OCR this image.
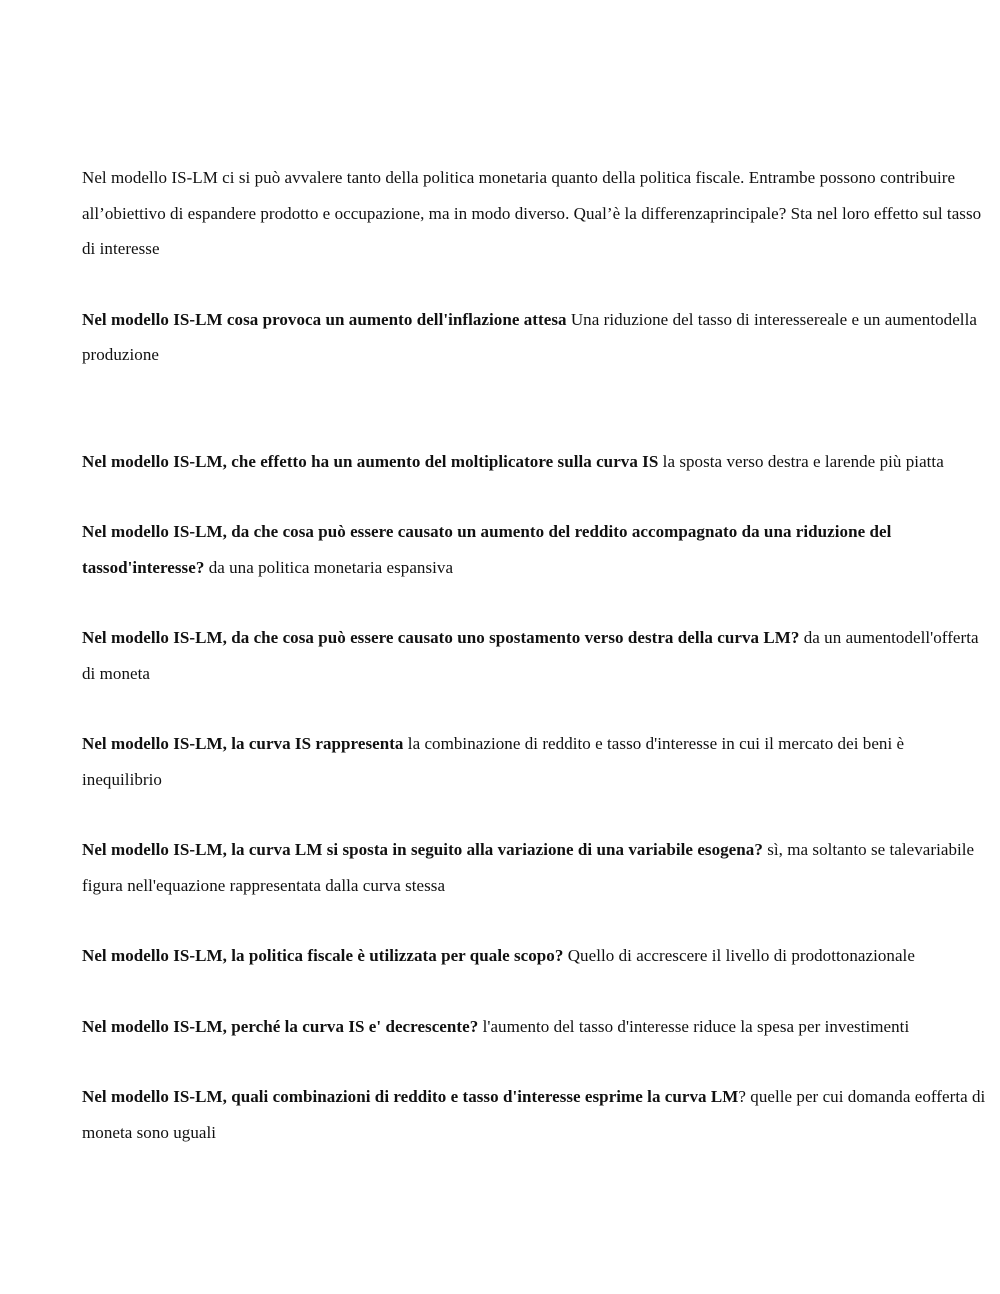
Nel modello IS-LM ci si può avvalere tanto della politica monetaria quanto della politica fiscale. Entrambe possono contribuire all’obiettivo di espandere prodotto e occupazione, ma in modo diverso. Qual’è la differenzaprincipale? Sta nel loro effetto sul tasso di interesse

Nel modello IS-LM cosa provoca un aumento dell'inflazione attesa Una riduzione del tasso di interessereale e un aumentodella produzione

Nel modello IS-LM, che effetto ha un aumento del moltiplicatore sulla curva IS la sposta verso destra e larende più piatta

Nel modello IS-LM, da che cosa può essere causato un aumento del reddito accompagnato da una riduzione del tassod'interesse? da una politica monetaria espansiva

Nel modello IS-LM, da che cosa può essere causato uno spostamento verso destra della curva LM? da un aumentodell'offerta di moneta

Nel modello IS-LM, la curva IS rappresenta la combinazione di reddito e tasso d'interesse in cui il mercato dei beni è inequilibrio

Nel modello IS-LM, la curva LM si sposta in seguito alla variazione di una variabile esogena? sì, ma soltanto se talevariabile figura nell'equazione rappresentata dalla curva stessa

Nel modello IS-LM, la politica fiscale è utilizzata per quale scopo? Quello di accrescere il livello di prodottonazionale

Nel modello IS-LM, perché la curva IS e' decrescente? l'aumento del tasso d'interesse riduce la spesa per investimenti

Nel modello IS-LM, quali combinazioni di reddito e tasso d'interesse esprime la curva LM? quelle per cui domanda eofferta di moneta sono uguali
